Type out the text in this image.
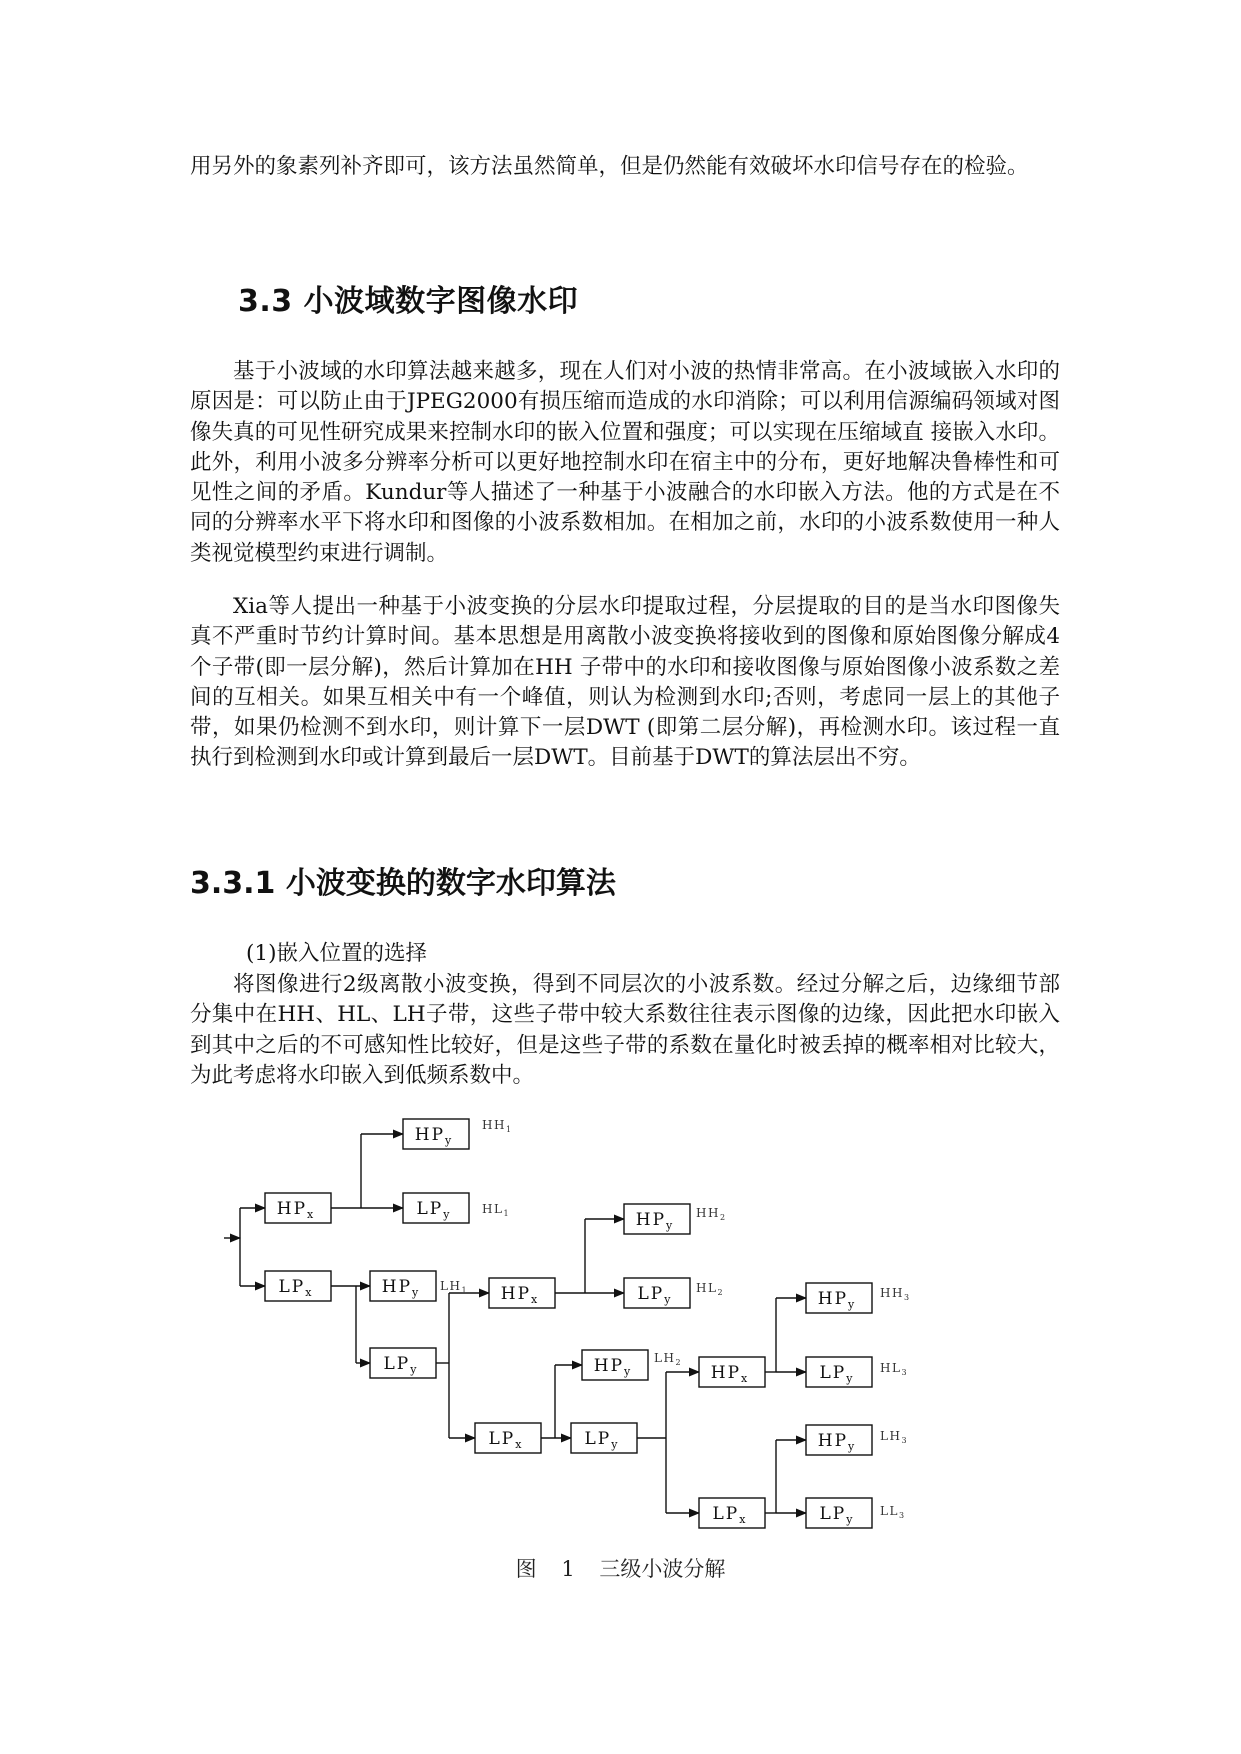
用另外的象素列补齐即可，该方法虽然简单，但是仍然能有效破坏水印信号存在的检验。

3.3 小波域数字图像水印

基于小波域的水印算法越来越多，现在人们对小波的热情非常高。在小波域嵌入水印的原因是：可以防止由于JPEG2000有损压缩而造成的水印消除；可以利用信源编码领域对图像失真的可见性研究成果来控制水印的嵌入位置和强度；可以实现在压缩域直 接嵌入水印。此外，利用小波多分辨率分析可以更好地控制水印在宿主中的分布，更好地解决鲁棒性和可见性之间的矛盾。Kundur等人描述了一种基于小波融合的水印嵌入方法。他的方式是在不同的分辨率水平下将水印和图像的小波系数相加。在相加之前，水印的小波系数使用一种人类视觉模型约束进行调制。

Xia等人提出一种基于小波变换的分层水印提取过程，分层提取的目的是当水印图像失真不严重时节约计算时间。基本思想是用离散小波变换将接收到的图像和原始图像分解成4个子带(即一层分解)，然后计算加在HH 子带中的水印和接收图像与原始图像小波系数之差间的互相关。如果互相关中有一个峰值，则认为检测到水印;否则，考虑同一层上的其他子带，如果仍检测不到水印，则计算下一层DWT (即第二层分解)，再检测水印。该过程一直执行到检测到水印或计算到最后一层DWT。目前基于DWT的算法层出不穷。

3.3.1 小波变换的数字水印算法

(1)嵌入位置的选择

将图像进行2级离散小波变换，得到不同层次的小波系数。经过分解之后，边缘细节部分集中在HH、HL、LH子带，这些子带中较大系数往往表示图像的边缘，因此把水印嵌入到其中之后的不可感知性比较好，但是这些子带的系数在量化时被丢掉的概率相对比较大，为此考虑将水印嵌入到低频系数中。

$HP_x$
$LP_x$
$HP_y$
$LP_y$
$HP_y$
$LP_y$
$HP_x$
$LP_x$
$HP_y$
$LP_y$
$HP_y$
$LP_y$
$HP_x$
$LP_x$
$HP_y$
$LP_y$
$HP_y$
$LP_y$
$HH_1$
$HL_1$
$LH_1$
$HH_2$
$HL_2$
$LH_2$
$HH_3$
$HL_3$
$LH_3$
$LL_3$

图 1 三级小波分解
